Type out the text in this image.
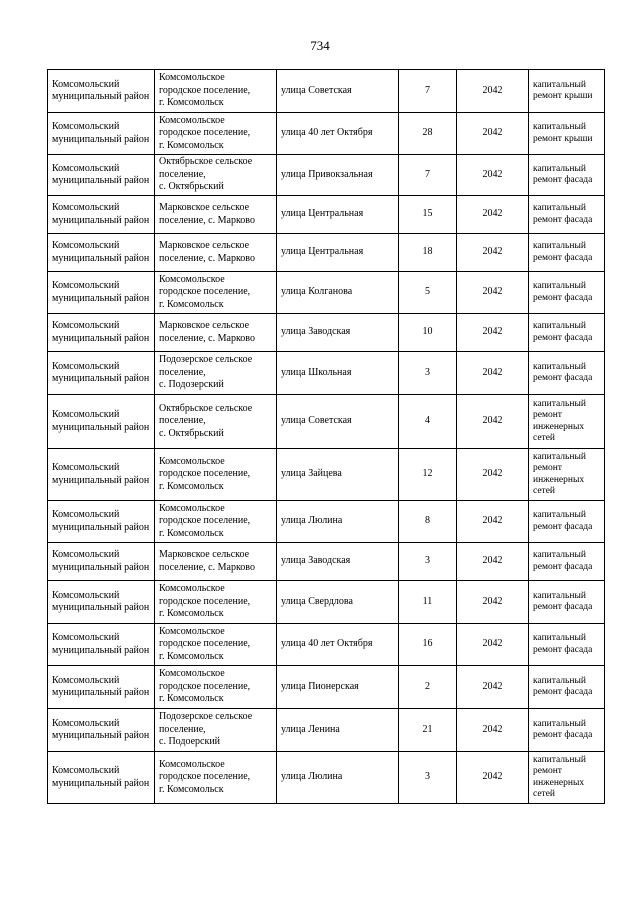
734
Комсомольский муниципальный район	Комсомольское
городское поселение,
г. Комсомольск	улица Советская	7	2042	капитальный
ремонт крыши
Комсомольский муниципальный район	Комсомольское
городское поселение,
г. Комсомольск	улица 40 лет Октября	28	2042	капитальный
ремонт крыши
Комсомольский муниципальный район	Октябрьское сельское
поселение,
с. Октябрьский	улица Привокзальная	7	2042	капитальный
ремонт фасада
Комсомольский муниципальный район	Марковское сельское
поселение, с. Марково	улица Центральная	15	2042	капитальный
ремонт фасада
Комсомольский муниципальный район	Марковское сельское
поселение, с. Марково	улица Центральная	18	2042	капитальный
ремонт фасада
Комсомольский муниципальный район	Комсомольское
городское поселение,
г. Комсомольск	улица Колганова	5	2042	капитальный
ремонт фасада
Комсомольский муниципальный район	Марковское сельское
поселение, с. Марково	улица Заводская	10	2042	капитальный
ремонт фасада
Комсомольский муниципальный район	Подозерское сельское
поселение,
с. Подозерский	улица Школьная	3	2042	капитальный
ремонт фасада
Комсомольский муниципальный район	Октябрьское сельское
поселение,
с. Октябрьский	улица Советская	4	2042	капитальный
ремонт
инженерных
сетей
Комсомольский муниципальный район	Комсомольское
городское поселение,
г. Комсомольск	улица Зайцева	12	2042	капитальный
ремонт
инженерных
сетей
Комсомольский муниципальный район	Комсомольское
городское поселение,
г. Комсомольск	улица Люлина	8	2042	капитальный
ремонт фасада
Комсомольский муниципальный район	Марковское сельское
поселение, с. Марково	улица Заводская	3	2042	капитальный
ремонт фасада
Комсомольский муниципальный район	Комсомольское
городское поселение,
г. Комсомольск	улица Свердлова	11	2042	капитальный
ремонт фасада
Комсомольский муниципальный район	Комсомольское
городское поселение,
г. Комсомольск	улица 40 лет Октября	16	2042	капитальный
ремонт фасада
Комсомольский муниципальный район	Комсомольское
городское поселение,
г. Комсомольск	улица Пионерская	2	2042	капитальный
ремонт фасада
Комсомольский муниципальный район	Подозерское сельское
поселение,
с. Подоерский	улица Ленина	21	2042	капитальный
ремонт фасада
Комсомольский муниципальный район	Комсомольское
городское поселение,
г. Комсомольск	улица Люлина	3	2042	капитальный
ремонт
инженерных
сетей
